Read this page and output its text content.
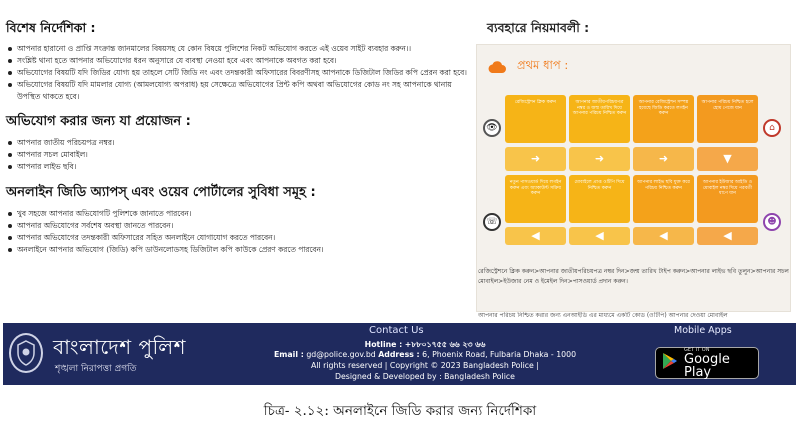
বিশেষ নির্দেশিকা :
আপনার হারানো ও প্রাপ্তি সংক্রান্ত জানমালের বিষয়সহ যে কোন বিষয়ে পুলিশের নিকট অভিযোগ করতে এই ওয়েব সাইট ব্যবহার করুন।।
সংশ্লিষ্ট থানা হতে আপনার অভিযোগের ধরন অনুসারে যে ব্যবস্থা নেওয়া হবে এবং আপনাকে অবগত করা হবে।
অভিযোগের বিষয়টি যদি জিডির যোগ্য হয় তাহলে সেটি জিডি নং এবং তদন্তকারী অফিসারের বিবরণীসহ আপনাকে ডিজিটাল জিডির কপি প্রেরন করা হবে।
অভিযোগের বিষয়টি যদি মামলার যোগ্য (আমলযোগ্য অপরাধ) হয় সেক্ষেত্রে অভিযোগের প্রিন্ট কপি অথবা অভিযোগের কোড নং সহ আপনাকে থানায় উপস্থিত থাকতে হবে।
অভিযোগ করার জন্য যা প্রয়োজন :
আপনার জাতীয় পরিচয়পত্র নম্বর।
আপনার সচল মোবাইল।
আপনার লাইভ ছবি।
অনলাইন জিডি অ্যাপস্ এবং ওয়েব পোর্টালের সুবিধা সমূহ :
খুব সহজে আপনার অভিযোগটি পুলিশকে জানাতে পারবেন।
আপনার অভিযোগের সর্বশেষ অবস্থা জানতে পারবেন।
আপনার অভিযোগের তদন্তকারী অফিসারের সহিত অনলাইনে যোগাযোগ করতে পারবেন।
অনলাইনে আপনার অভিযোগ (জিডি) কপি ডাউনলোডসহ ডিজিটাল কপি কাউকে প্রেরণ করতে পারবেন।
ব্যবহারে নিয়মাবলী :
প্রথম ধাপ :
👁	⌂
☏	☻
রেজিস্ট্রেশন ক্লিক করুন	আপনার জাতীয়পরিচয়পত্র নম্বর ও জন্ম তারিখ দিয়ে আপনার পরিচয় নিশ্চিত করুন
আপনার রেজিস্ট্রেশন সম্পন্ন হয়েছে জিডি করতে লগইন করুন
আপনার পরিচয় নিশ্চিত হলে হোম পেজে যান
➜	➜	➜	▼
নতুন পাসওয়ার্ড দিয়ে লগইন করুন এবং অ্যাকাউন্ট সক্রিয় করুন
মোবাইলে প্রাপ্ত ওটিপি দিয়ে নিশ্চিত করুন
আপনার লাইভ ছবি যুক্ত করে পরিচয় নিশ্চিত করুন
আপনার ইউজার আইডি ও মোবাইল নম্বর দিয়ে পরবর্তী ধাপে যান
◀	◀	◀	◀
রেজিস্ট্রেশনে ক্লিক করুন>আপনার জাতীয়পরিচয়পত্র নম্বর দিন>জন্ম তারিখ টাইপ করুন>আপনার লাইভ ছবি তুলুন>আপনার সচল মোবাইল>ইউজার নেম ও ইমেইল দিন>পাসওয়ার্ড প্রদান করুন।
আপনার পরিচয় নিশ্চিত করার জন্য এনআইডি এর মাধ্যমে একটি কোড (ওটিপি) আপনার দেওয়া মোবাইল
বাংলাদেশ পুলিশ
শৃঙ্খলা নিরাপত্তা প্রগতি
Contact Us
Hotline : +৮৮০১৭৫৫ ৬৬ ২৩ ৬৬
Email : gd@police.gov.bd Address : 6, Phoenix Road, Fulbaria Dhaka - 1000
All rights reserved | Copyright © 2023 Bangladesh Police |
Designed & Developed by : Bangladesh Police
Mobile Apps
GET IT ON
Google Play
চিত্র- ২.১২: অনলাইনে জিডি করার জন্য নির্দেশিকা
